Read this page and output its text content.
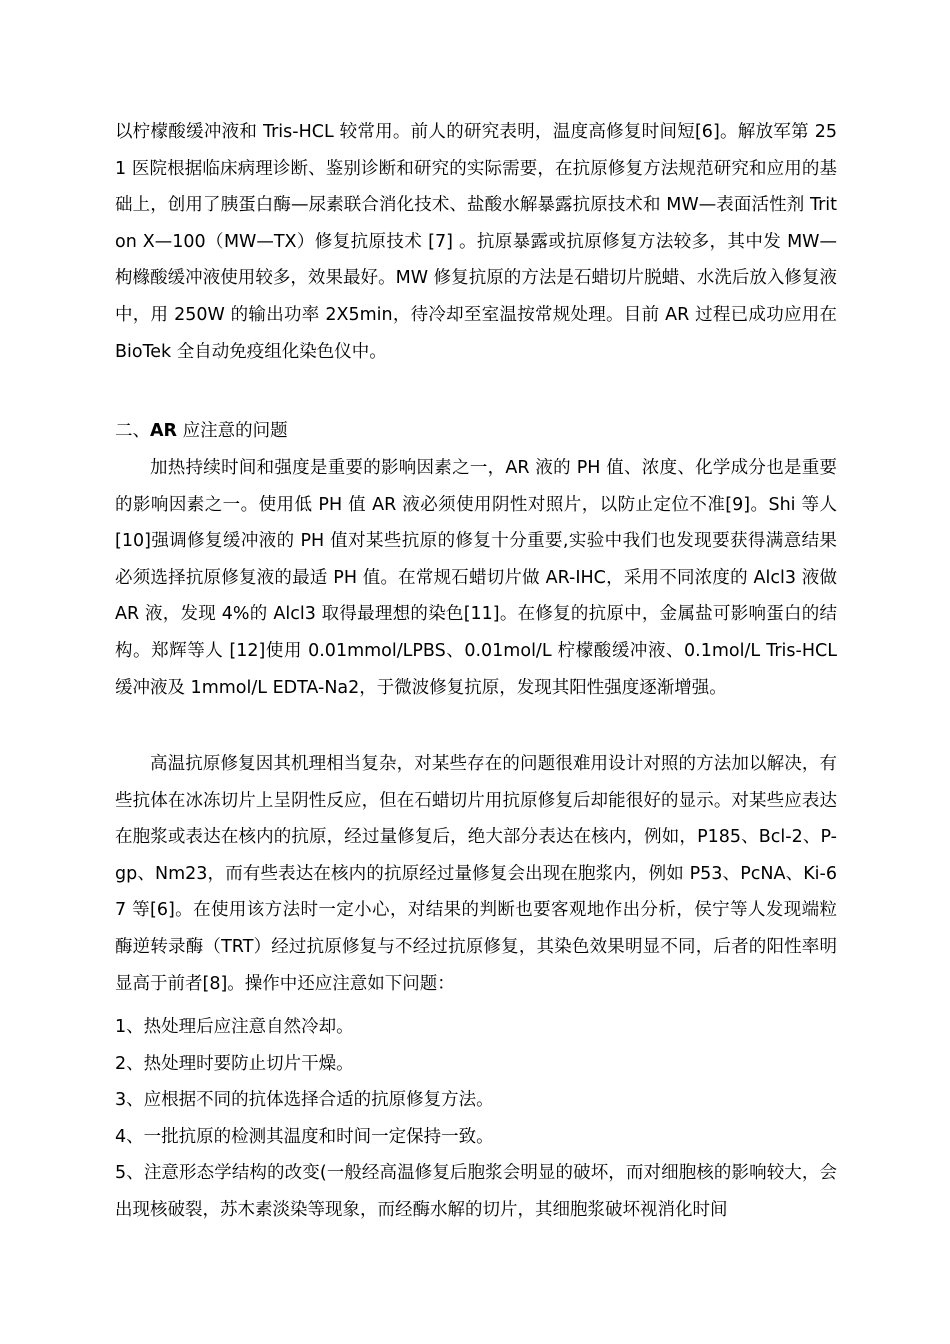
以柠檬酸缓冲液和 Tris-HCL 较常用。前人的研究表明，温度高修复时间短[6]。解放军第 251 医院根据临床病理诊断、鉴别诊断和研究的实际需要，在抗原修复方法规范研究和应用的基础上，创用了胰蛋白酶—尿素联合消化技术、盐酸水解暴露抗原技术和 MW—表面活性剂 Triton X—100（MW—TX）修复抗原技术 [7] 。抗原暴露或抗原修复方法较多，其中发 MW—枸橼酸缓冲液使用较多，效果最好。MW 修复抗原的方法是石蜡切片脱蜡、水洗后放入修复液中，用 250W 的输出功率 2X5min，待冷却至室温按常规处理。目前 AR 过程已成功应用在 BioTek 全自动免疫组化染色仪中。
二、AR 应注意的问题
加热持续时间和强度是重要的影响因素之一，AR 液的 PH 值、浓度、化学成分也是重要的影响因素之一。使用低 PH 值 AR 液必须使用阴性对照片，以防止定位不准[9]。Shi 等人[10]强调修复缓冲液的 PH 值对某些抗原的修复十分重要,实验中我们也发现要获得满意结果必须选择抗原修复液的最适 PH 值。在常规石蜡切片做 AR-IHC，采用不同浓度的 Alcl3 液做 AR 液，发现 4%的 Alcl3 取得最理想的染色[11]。在修复的抗原中，金属盐可影响蛋白的结构。郑辉等人 [12]使用 0.01mmol/LPBS、0.01mol/L 柠檬酸缓冲液、0.1mol/L Tris-HCL 缓冲液及 1mmol/L EDTA-Na2，于微波修复抗原，发现其阳性强度逐渐增强。
高温抗原修复因其机理相当复杂，对某些存在的问题很难用设计对照的方法加以解决，有些抗体在冰冻切片上呈阴性反应，但在石蜡切片用抗原修复后却能很好的显示。对某些应表达在胞浆或表达在核内的抗原，经过量修复后，绝大部分表达在核内，例如，P185、Bcl-2、P-gp、Nm23，而有些表达在核内的抗原经过量修复会出现在胞浆内，例如 P53、PcNA、Ki-67 等[6]。在使用该方法时一定小心，对结果的判断也要客观地作出分析，侯宁等人发现端粒酶逆转录酶（TRT）经过抗原修复与不经过抗原修复，其染色效果明显不同，后者的阳性率明显高于前者[8]。操作中还应注意如下问题：

1、热处理后应注意自然冷却。

2、热处理时要防止切片干燥。

3、应根据不同的抗体选择合适的抗原修复方法。

4、一批抗原的检测其温度和时间一定保持一致。

5、注意形态学结构的改变(一般经高温修复后胞浆会明显的破坏，而对细胞核的影响较大，会出现核破裂，苏木素淡染等现象，而经酶水解的切片，其细胞浆破坏视消化时间
